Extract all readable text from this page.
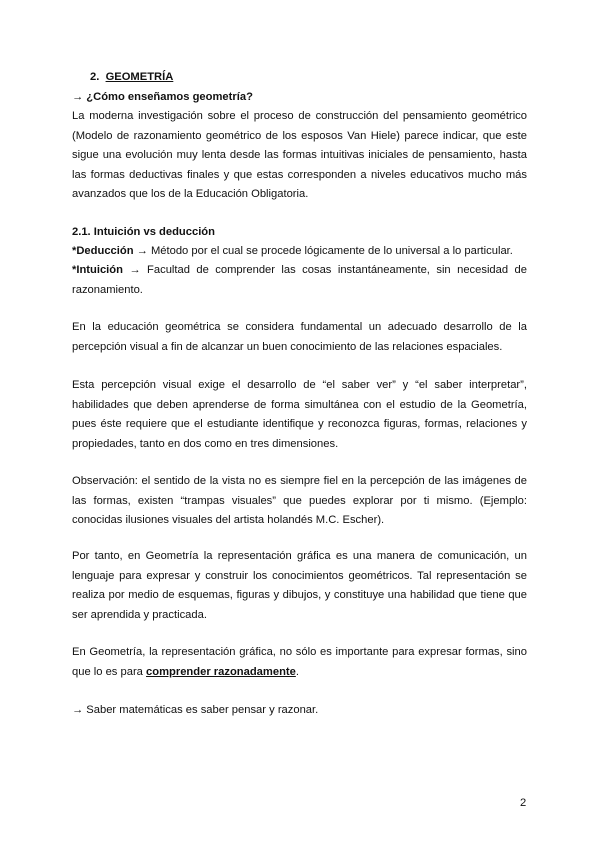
2. GEOMETRÍA
→ ¿Cómo enseñamos geometría?
La moderna investigación sobre el proceso de construcción del pensamiento geométrico (Modelo de razonamiento geométrico de los esposos Van Hiele) parece indicar, que este sigue una evolución muy lenta desde las formas intuitivas iniciales de pensamiento, hasta las formas deductivas finales y que estas corresponden a niveles educativos mucho más avanzados que los de la Educación Obligatoria.
2.1. Intuición vs deducción
*Deducción → Método por el cual se procede lógicamente de lo universal a lo particular.
*Intuición → Facultad de comprender las cosas instantáneamente, sin necesidad de razonamiento.
En la educación geométrica se considera fundamental un adecuado desarrollo de la percepción visual a fin de alcanzar un buen conocimiento de las relaciones espaciales.
Esta percepción visual exige el desarrollo de “el saber ver” y “el saber interpretar”, habilidades que deben aprenderse de forma simultánea con el estudio de la Geometría, pues éste requiere que el estudiante identifique y reconozca figuras, formas, relaciones y propiedades, tanto en dos como en tres dimensiones.
Observación: el sentido de la vista no es siempre fiel en la percepción de las imágenes de las formas, existen “trampas visuales” que puedes explorar por ti mismo. (Ejemplo: conocidas ilusiones visuales del artista holandés M.C. Escher).
Por tanto, en Geometría la representación gráfica es una manera de comunicación, un lenguaje para expresar y construir los conocimientos geométricos. Tal representación se realiza por medio de esquemas, figuras y dibujos, y constituye una habilidad que tiene que ser aprendida y practicada.
En Geometría, la representación gráfica, no sólo es importante para expresar formas, sino que lo es para comprender razonadamente.
→ Saber matemáticas es saber pensar y razonar.
2
